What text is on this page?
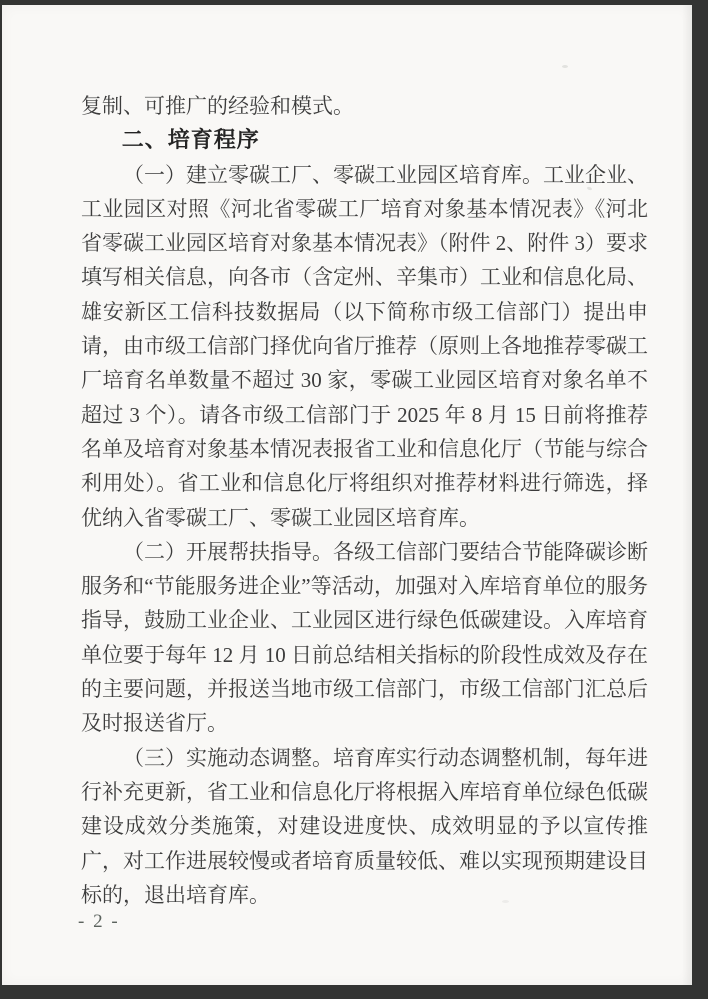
复制、可推广的经验和模式。

二、培育程序

（一）建立零碳工厂、零碳工业园区培育库。工业企业、工业园区对照《河北省零碳工厂培育对象基本情况表》《河北省零碳工业园区培育对象基本情况表》（附件 2、附件 3）要求填写相关信息，向各市（含定州、辛集市）工业和信息化局、雄安新区工信科技数据局（以下简称市级工信部门）提出申请，由市级工信部门择优向省厅推荐（原则上各地推荐零碳工厂培育名单数量不超过 30 家，零碳工业园区培育对象名单不超过 3 个）。请各市级工信部门于 2025 年 8 月 15 日前将推荐名单及培育对象基本情况表报省工业和信息化厅（节能与综合利用处）。省工业和信息化厅将组织对推荐材料进行筛选，择优纳入省零碳工厂、零碳工业园区培育库。

（二）开展帮扶指导。各级工信部门要结合节能降碳诊断服务和“节能服务进企业”等活动，加强对入库培育单位的服务指导，鼓励工业企业、工业园区进行绿色低碳建设。入库培育单位要于每年 12 月 10 日前总结相关指标的阶段性成效及存在的主要问题，并报送当地市级工信部门，市级工信部门汇总后及时报送省厅。

（三）实施动态调整。培育库实行动态调整机制，每年进行补充更新，省工业和信息化厅将根据入库培育单位绿色低碳建设成效分类施策，对建设进度快、成效明显的予以宣传推广，对工作进展较慢或者培育质量较低、难以实现预期建设目标的，退出培育库。

- 2 -
